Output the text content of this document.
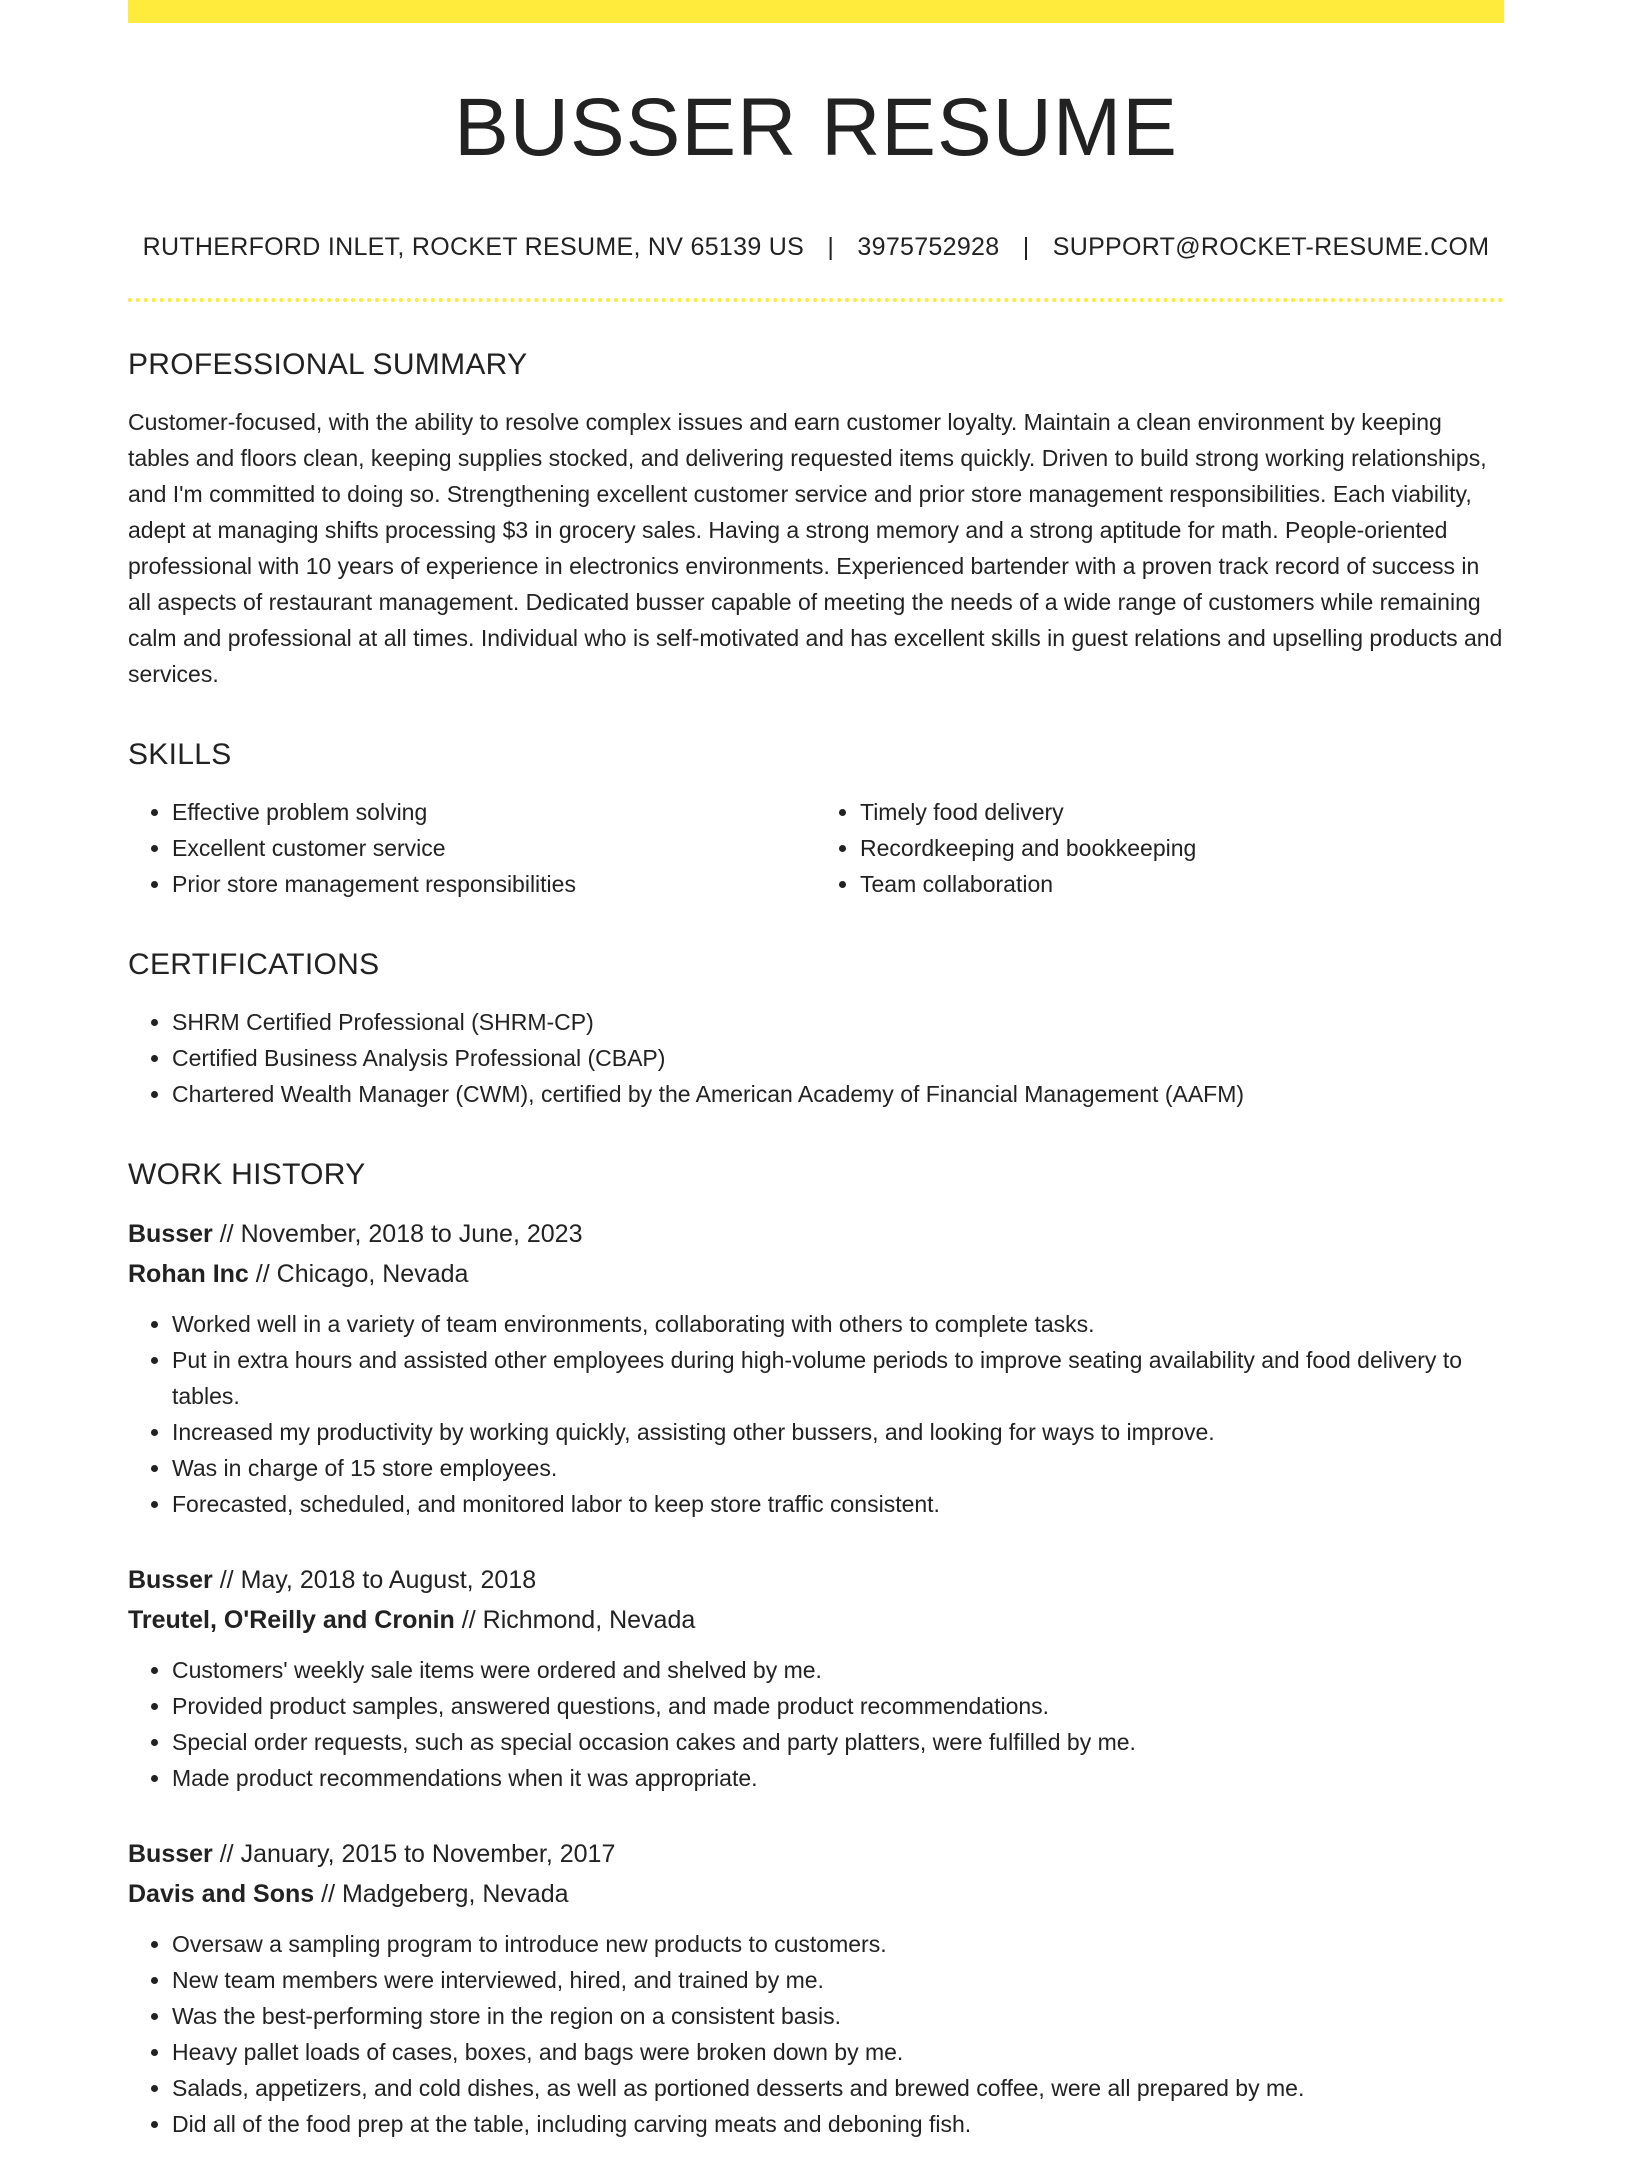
BUSSER RESUME
RUTHERFORD INLET, ROCKET RESUME, NV 65139 US | 3975752928 | SUPPORT@ROCKET-RESUME.COM
PROFESSIONAL SUMMARY

Customer-focused, with the ability to resolve complex issues and earn customer loyalty. Maintain a clean environment by keeping tables and floors clean, keeping supplies stocked, and delivering requested items quickly. Driven to build strong working relationships, and I'm committed to doing so. Strengthening excellent customer service and prior store management responsibilities. Each viability, adept at managing shifts processing $3 in grocery sales. Having a strong memory and a strong aptitude for math. People-oriented professional with 10 years of experience in electronics environments. Experienced bartender with a proven track record of success in all aspects of restaurant management. Dedicated busser capable of meeting the needs of a wide range of customers while remaining calm and professional at all times. Individual who is self-motivated and has excellent skills in guest relations and upselling products and services.

SKILLS
• Effective problem solving
• Excellent customer service
• Prior store management responsibilities
• Timely food delivery
• Recordkeeping and bookkeeping
• Team collaboration
CERTIFICATIONS
• SHRM Certified Professional (SHRM-CP)
• Certified Business Analysis Professional (CBAP)
• Chartered Wealth Manager (CWM), certified by the American Academy of Financial Management (AAFM)
WORK HISTORY
Busser // November, 2018 to June, 2023
Rohan Inc // Chicago, Nevada
• Worked well in a variety of team environments, collaborating with others to complete tasks.
• Put in extra hours and assisted other employees during high-volume periods to improve seating availability and food delivery to tables.
• Increased my productivity by working quickly, assisting other bussers, and looking for ways to improve.
• Was in charge of 15 store employees.
• Forecasted, scheduled, and monitored labor to keep store traffic consistent.
Busser // May, 2018 to August, 2018
Treutel, O'Reilly and Cronin // Richmond, Nevada
• Customers' weekly sale items were ordered and shelved by me.
• Provided product samples, answered questions, and made product recommendations.
• Special order requests, such as special occasion cakes and party platters, were fulfilled by me.
• Made product recommendations when it was appropriate.
Busser // January, 2015 to November, 2017
Davis and Sons // Madgeberg, Nevada
• Oversaw a sampling program to introduce new products to customers.
• New team members were interviewed, hired, and trained by me.
• Was the best-performing store in the region on a consistent basis.
• Heavy pallet loads of cases, boxes, and bags were broken down by me.
• Salads, appetizers, and cold dishes, as well as portioned desserts and brewed coffee, were all prepared by me.
• Did all of the food prep at the table, including carving meats and deboning fish.
